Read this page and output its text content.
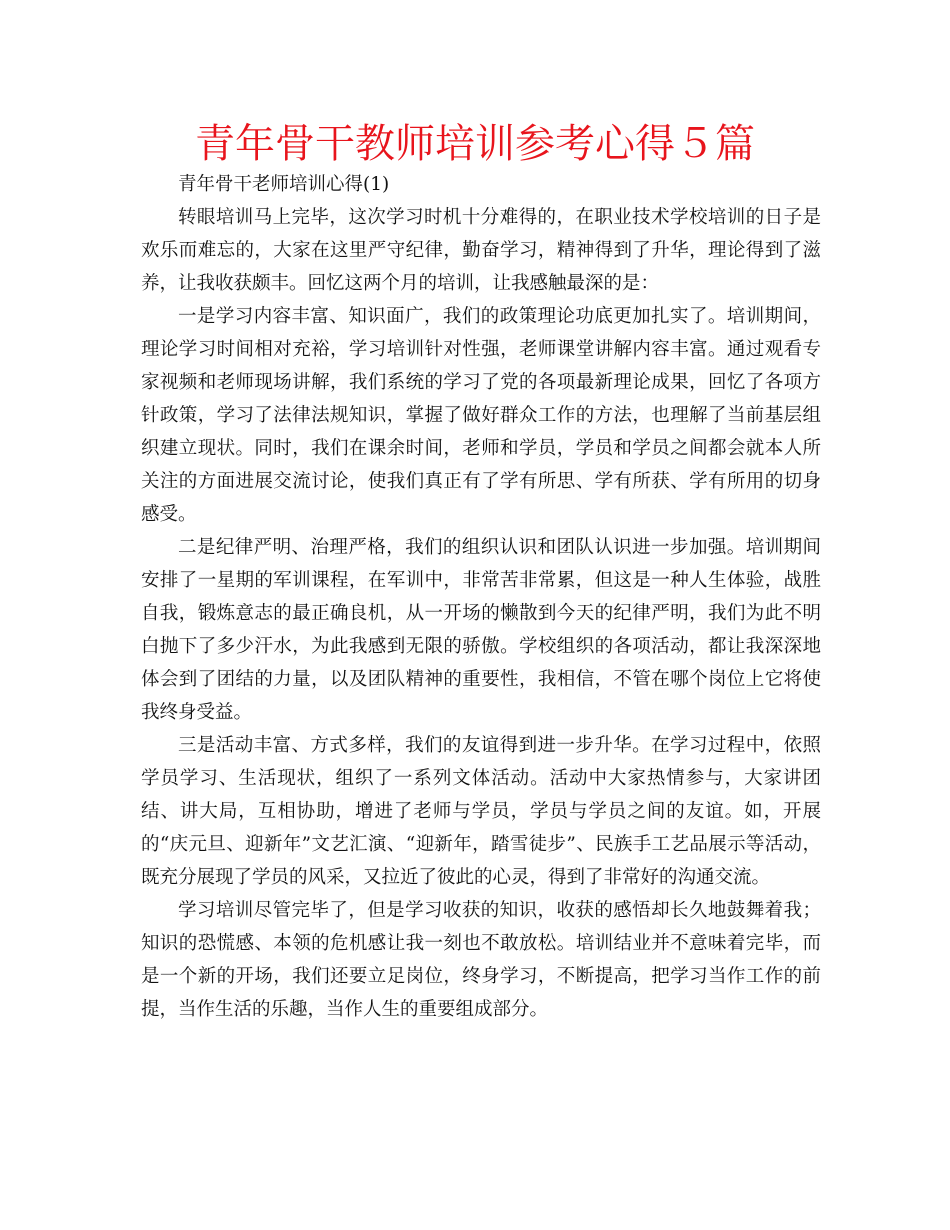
青年骨干教师培训参考心得５篇

青年骨干老师培训心得(1)

转眼培训马上完毕，这次学习时机十分难得的，在职业技术学校培训的日子是欢乐而难忘的，大家在这里严守纪律，勤奋学习，精神得到了升华，理论得到了滋养，让我收获颇丰。回忆这两个月的培训，让我感触最深的是：

一是学习内容丰富、知识面广，我们的政策理论功底更加扎实了。培训期间，理论学习时间相对充裕，学习培训针对性强，老师课堂讲解内容丰富。通过观看专家视频和老师现场讲解，我们系统的学习了党的各项最新理论成果，回忆了各项方针政策，学习了法律法规知识，掌握了做好群众工作的方法，也理解了当前基层组织建立现状。同时，我们在课余时间，老师和学员，学员和学员之间都会就本人所关注的方面进展交流讨论，使我们真正有了学有所思、学有所获、学有所用的切身感受。

二是纪律严明、治理严格，我们的组织认识和团队认识进一步加强。培训期间安排了一星期的军训课程，在军训中，非常苦非常累，但这是一种人生体验，战胜自我，锻炼意志的最正确良机，从一开场的懒散到今天的纪律严明，我们为此不明白抛下了多少汗水，为此我感到无限的骄傲。学校组织的各项活动，都让我深深地体会到了团结的力量，以及团队精神的重要性，我相信，不管在哪个岗位上它将使我终身受益。

三是活动丰富、方式多样，我们的友谊得到进一步升华。在学习过程中，依照学员学习、生活现状，组织了一系列文体活动。活动中大家热情参与，大家讲团结、讲大局，互相协助，增进了老师与学员，学员与学员之间的友谊。如，开展的“庆元旦、迎新年”文艺汇演、“迎新年，踏雪徒步”、民族手工艺品展示等活动，既充分展现了学员的风采，又拉近了彼此的心灵，得到了非常好的沟通交流。

学习培训尽管完毕了，但是学习收获的知识，收获的感悟却长久地鼓舞着我；知识的恐慌感、本领的危机感让我一刻也不敢放松。培训结业并不意味着完毕，而是一个新的开场，我们还要立足岗位，终身学习，不断提高，把学习当作工作的前提，当作生活的乐趣，当作人生的重要组成部分。
